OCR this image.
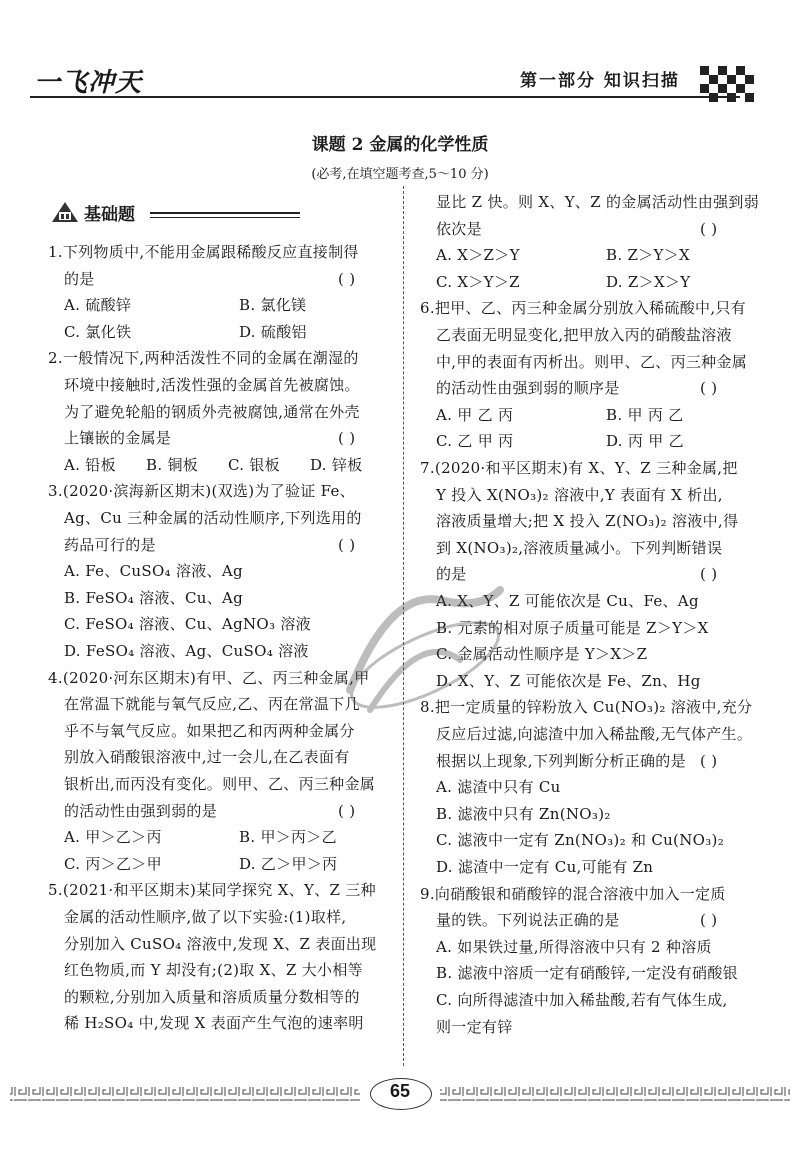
一飞冲天	第一部分 知识扫描
课题 2 金属的化学性质
(必考,在填空题考查,5～10 分)
基础题
1.下列物质中,不能用金属跟稀酸反应直接制得
的是	( )
A. 硫酸锌	B. 氯化镁
C. 氯化铁	D. 硫酸铝
2.一般情况下,两种活泼性不同的金属在潮湿的
环境中接触时,活泼性强的金属首先被腐蚀。
为了避免轮船的钢质外壳被腐蚀,通常在外壳
上镶嵌的金属是	( )
A. 铅板 B. 铜板 C. 银板 D. 锌板
3.(2020·滨海新区期末)(双选)为了验证 Fe、
Ag、Cu 三种金属的活动性顺序,下列选用的
药品可行的是	( )
A. Fe、CuSO₄ 溶液、Ag
B. FeSO₄ 溶液、Cu、Ag
C. FeSO₄ 溶液、Cu、AgNO₃ 溶液
D. FeSO₄ 溶液、Ag、CuSO₄ 溶液
4.(2020·河东区期末)有甲、乙、丙三种金属,甲
在常温下就能与氧气反应,乙、丙在常温下几
乎不与氧气反应。如果把乙和丙两种金属分
别放入硝酸银溶液中,过一会儿,在乙表面有
银析出,而丙没有变化。则甲、乙、丙三种金属
的活动性由强到弱的是	( )
A. 甲＞乙＞丙	B. 甲＞丙＞乙
C. 丙＞乙＞甲	D. 乙＞甲＞丙
5.(2021·和平区期末)某同学探究 X、Y、Z 三种
金属的活动性顺序,做了以下实验:(1)取样,
分别加入 CuSO₄ 溶液中,发现 X、Z 表面出现
红色物质,而 Y 却没有;(2)取 X、Z 大小相等
的颗粒,分别加入质量和溶质质量分数相等的
稀 H₂SO₄ 中,发现 X 表面产生气泡的速率明
显比 Z 快。则 X、Y、Z 的金属活动性由强到弱
依次是	( )
A. X＞Z＞Y	B. Z＞Y＞X
C. X＞Y＞Z	D. Z＞X＞Y
6.把甲、乙、丙三种金属分别放入稀硫酸中,只有
乙表面无明显变化,把甲放入丙的硝酸盐溶液
中,甲的表面有丙析出。则甲、乙、丙三种金属
的活动性由强到弱的顺序是	( )
A. 甲 乙 丙	B. 甲 丙 乙
C. 乙 甲 丙	D. 丙 甲 乙
7.(2020·和平区期末)有 X、Y、Z 三种金属,把
Y 投入 X(NO₃)₂ 溶液中,Y 表面有 X 析出,
溶液质量增大;把 X 投入 Z(NO₃)₂ 溶液中,得
到 X(NO₃)₂,溶液质量减小。下列判断错误
的是	( )
A. X、Y、Z 可能依次是 Cu、Fe、Ag
B. 元素的相对原子质量可能是 Z＞Y＞X
C. 金属活动性顺序是 Y＞X＞Z
D. X、Y、Z 可能依次是 Fe、Zn、Hg
8.把一定质量的锌粉放入 Cu(NO₃)₂ 溶液中,充分
反应后过滤,向滤渣中加入稀盐酸,无气体产生。
根据以上现象,下列判断分析正确的是 ( )
A. 滤渣中只有 Cu
B. 滤液中只有 Zn(NO₃)₂
C. 滤液中一定有 Zn(NO₃)₂ 和 Cu(NO₃)₂
D. 滤渣中一定有 Cu,可能有 Zn
9.向硝酸银和硝酸锌的混合溶液中加入一定质
量的铁。下列说法正确的是	( )
A. 如果铁过量,所得溶液中只有 2 种溶质
B. 滤液中溶质一定有硝酸锌,一定没有硝酸银
C. 向所得滤渣中加入稀盐酸,若有气体生成,
则一定有锌
65
